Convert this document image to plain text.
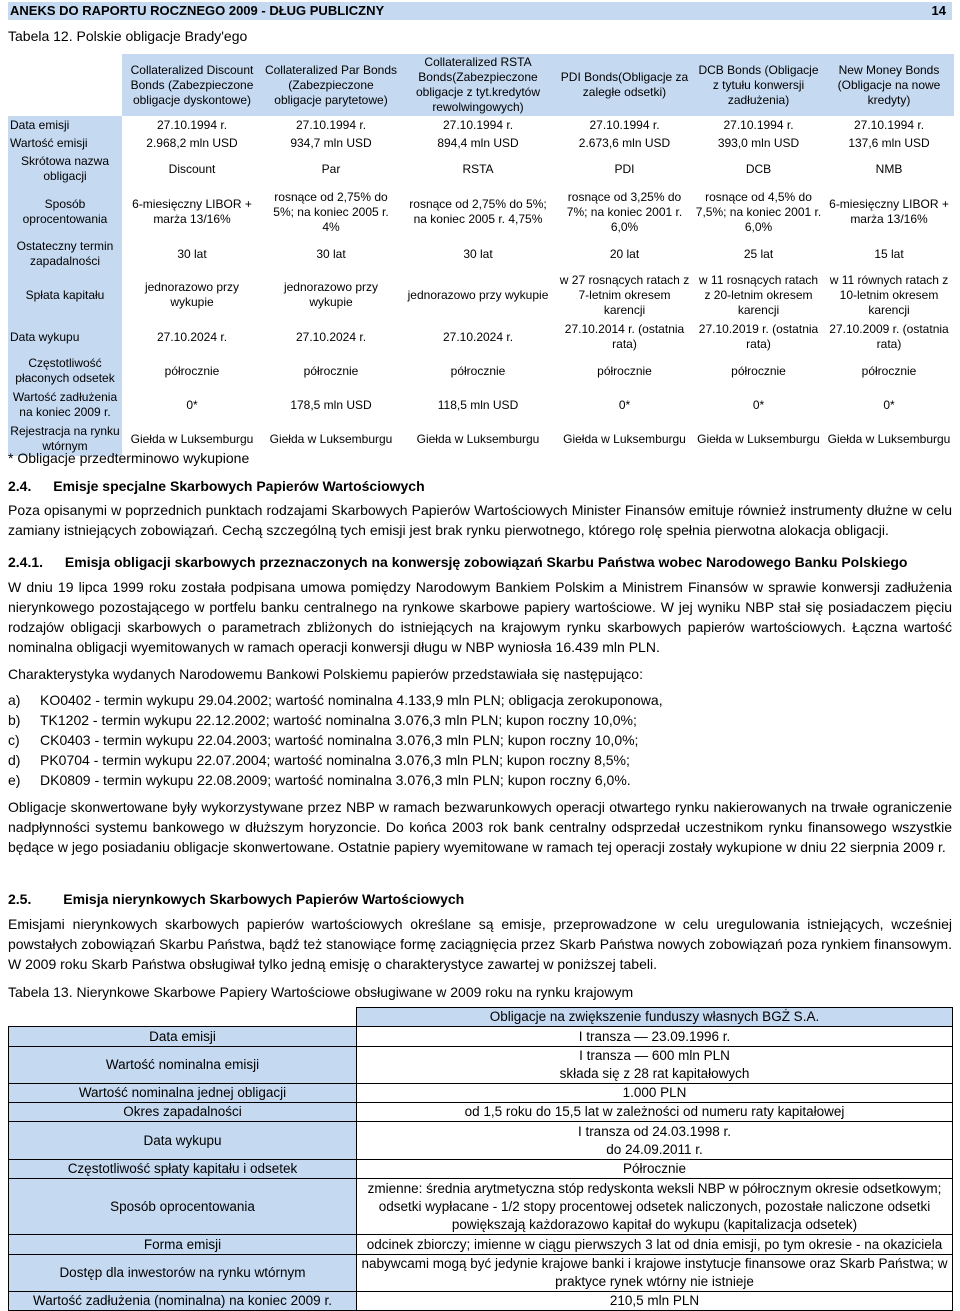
ANEKS DO RAPORTU ROCZNEGO 2009 - DŁUG PUBLICZNY	14
Tabela 12. Polskie obligacje Brady'ego
	Collateralized Discount Bonds (Zabezpieczone obligacje dyskontowe)	Collateralized Par Bonds (Zabezpieczone obligacje parytetowe)	Collateralized RSTA Bonds(Zabezpieczone obligacje z tyt.kredytów rewolwingowych)	PDI Bonds(Obligacje za zaległe odsetki)	DCB Bonds (Obligacje z tytułu konwersji zadłużenia)	New Money Bonds (Obligacje na nowe kredyty)
Data emisji	27.10.1994 r.	27.10.1994 r.	27.10.1994 r.	27.10.1994 r.	27.10.1994 r.	27.10.1994 r.
Wartość emisji	2.968,2 mln USD	934,7 mln USD	894,4 mln USD	2.673,6 mln USD	393,0 mln USD	137,6 mln USD
Skrótowa nazwa obligacji	Discount	Par	RSTA	PDI	DCB	NMB
Sposób oprocentowania	6-miesięczny LIBOR + marża 13/16%	rosnące od 2,75% do 5%; na koniec 2005 r. 4%	rosnące od 2,75% do 5%; na koniec 2005 r. 4,75%	rosnące od 3,25% do 7%; na koniec 2001 r. 6,0%	rosnące od 4,5% do 7,5%; na koniec 2001 r. 6,0%	6-miesięczny LIBOR + marża 13/16%
Ostateczny termin zapadalności	30 lat	30 lat	30 lat	20 lat	25 lat	15 lat
Spłata kapitału	jednorazowo przy wykupie	jednorazowo przy wykupie	jednorazowo przy wykupie	w 27 rosnących ratach z 7-letnim okresem karencji	w 11 rosnących ratach z 20-letnim okresem karencji	w 11 równych ratach z 10-letnim okresem karencji
Data wykupu	27.10.2024 r.	27.10.2024 r.	27.10.2024 r.	27.10.2014 r. (ostatnia rata)	27.10.2019 r. (ostatnia rata)	27.10.2009 r. (ostatnia rata)
Częstotliwość płaconych odsetek	półrocznie	półrocznie	półrocznie	półrocznie	półrocznie	półrocznie
Wartość zadłużenia na koniec 2009 r.	0*	178,5 mln USD	118,5 mln USD	0*	0*	0*
Rejestracja na rynku wtórnym	Giełda w Luksemburgu	Giełda w Luksemburgu	Giełda w Luksemburgu	Giełda w Luksemburgu	Giełda w Luksemburgu	Giełda w Luksemburgu
* Obligacje przedterminowo wykupione
2.4. Emisje specjalne Skarbowych Papierów Wartościowych
Poza opisanymi w poprzednich punktach rodzajami Skarbowych Papierów Wartościowych Minister Finansów emituje również instrumenty dłużne w celu zamiany istniejących zobowiązań. Cechą szczególną tych emisji jest brak rynku pierwotnego, którego rolę spełnia pierwotna alokacja obligacji.
2.4.1. Emisja obligacji skarbowych przeznaczonych na konwersję zobowiązań Skarbu Państwa wobec Narodowego Banku Polskiego
W dniu 19 lipca 1999 roku została podpisana umowa pomiędzy Narodowym Bankiem Polskim a Ministrem Finansów w sprawie konwersji zadłużenia nierynkowego pozostającego w portfelu banku centralnego na rynkowe skarbowe papiery wartościowe. W jej wyniku NBP stał się posiadaczem pięciu rodzajów obligacji skarbowych o parametrach zbliżonych do istniejących na krajowym rynku skarbowych papierów wartościowych. Łączna wartość nominalna obligacji wyemitowanych w ramach operacji konwersji długu w NBP wyniosła 16.439 mln PLN.
Charakterystyka wydanych Narodowemu Bankowi Polskiemu papierów przedstawiała się następująco:
a) KO0402 - termin wykupu 29.04.2002; wartość nominalna 4.133,9 mln PLN; obligacja zerokuponowa,
b) TK1202 - termin wykupu 22.12.2002; wartość nominalna 3.076,3 mln PLN; kupon roczny 10,0%;
c) CK0403 - termin wykupu 22.04.2003; wartość nominalna 3.076,3 mln PLN; kupon roczny 10,0%;
d) PK0704 - termin wykupu 22.07.2004; wartość nominalna 3.076,3 mln PLN; kupon roczny 8,5%;
e) DK0809 - termin wykupu 22.08.2009; wartość nominalna 3.076,3 mln PLN; kupon roczny 6,0%.
Obligacje skonwertowane były wykorzystywane przez NBP w ramach bezwarunkowych operacji otwartego rynku nakierowanych na trwałe ograniczenie nadpłynności systemu bankowego w dłuższym horyzoncie. Do końca 2003 rok bank centralny odsprzedał uczestnikom rynku finansowego wszystkie będące w jego posiadaniu obligacje skonwertowane. Ostatnie papiery wyemitowane w ramach tej operacji zostały wykupione w dniu 22 sierpnia 2009 r.
2.5. Emisja nierynkowych Skarbowych Papierów Wartościowych
Emisjami nierynkowych skarbowych papierów wartościowych określane są emisje, przeprowadzone w celu uregulowania istniejących, wcześniej powstałych zobowiązań Skarbu Państwa, bądź też stanowiące formę zaciągnięcia przez Skarb Państwa nowych zobowiązań poza rynkiem finansowym. W 2009 roku Skarb Państwa obsługiwał tylko jedną emisję o charakterystyce zawartej w poniższej tabeli.
Tabela 13. Nierynkowe Skarbowe Papiery Wartościowe obsługiwane w 2009 roku na rynku krajowym
	Obligacje na zwiększenie funduszy własnych BGŻ S.A.
Data emisji	I transza — 23.09.1996 r.

Wartość nominalna emisji	I transza — 600 mln PLN
składa się z 28 rat kapitałowych

Wartość nominalna jednej obligacji	1.000 PLN

Okres zapadalności	od 1,5 roku do 15,5 lat w zależności od numeru raty kapitałowej

Data wykupu	I transza od 24.03.1998 r.
do 24.09.2011 r.

Częstotliwość spłaty kapitału i odsetek	Półrocznie

Sposób oprocentowania	zmienne: średnia arytmetyczna stóp redyskonta weksli NBP w półrocznym okresie odsetkowym;
odsetki wypłacane - 1/2 stopy procentowej odsetek naliczonych, pozostałe naliczone odsetki
powiększają każdorazowo kapitał do wykupu (kapitalizacja odsetek)

Forma emisji	odcinek zbiorczy; imienne w ciągu pierwszych 3 lat od dnia emisji, po tym okresie - na okaziciela

Dostęp dla inwestorów na rynku wtórnym	nabywcami mogą być jedynie krajowe banki i krajowe instytucje finansowe oraz Skarb Państwa; w
praktyce rynek wtórny nie istnieje

Wartość zadłużenia (nominalna) na koniec 2009 r.	210,5 mln PLN
